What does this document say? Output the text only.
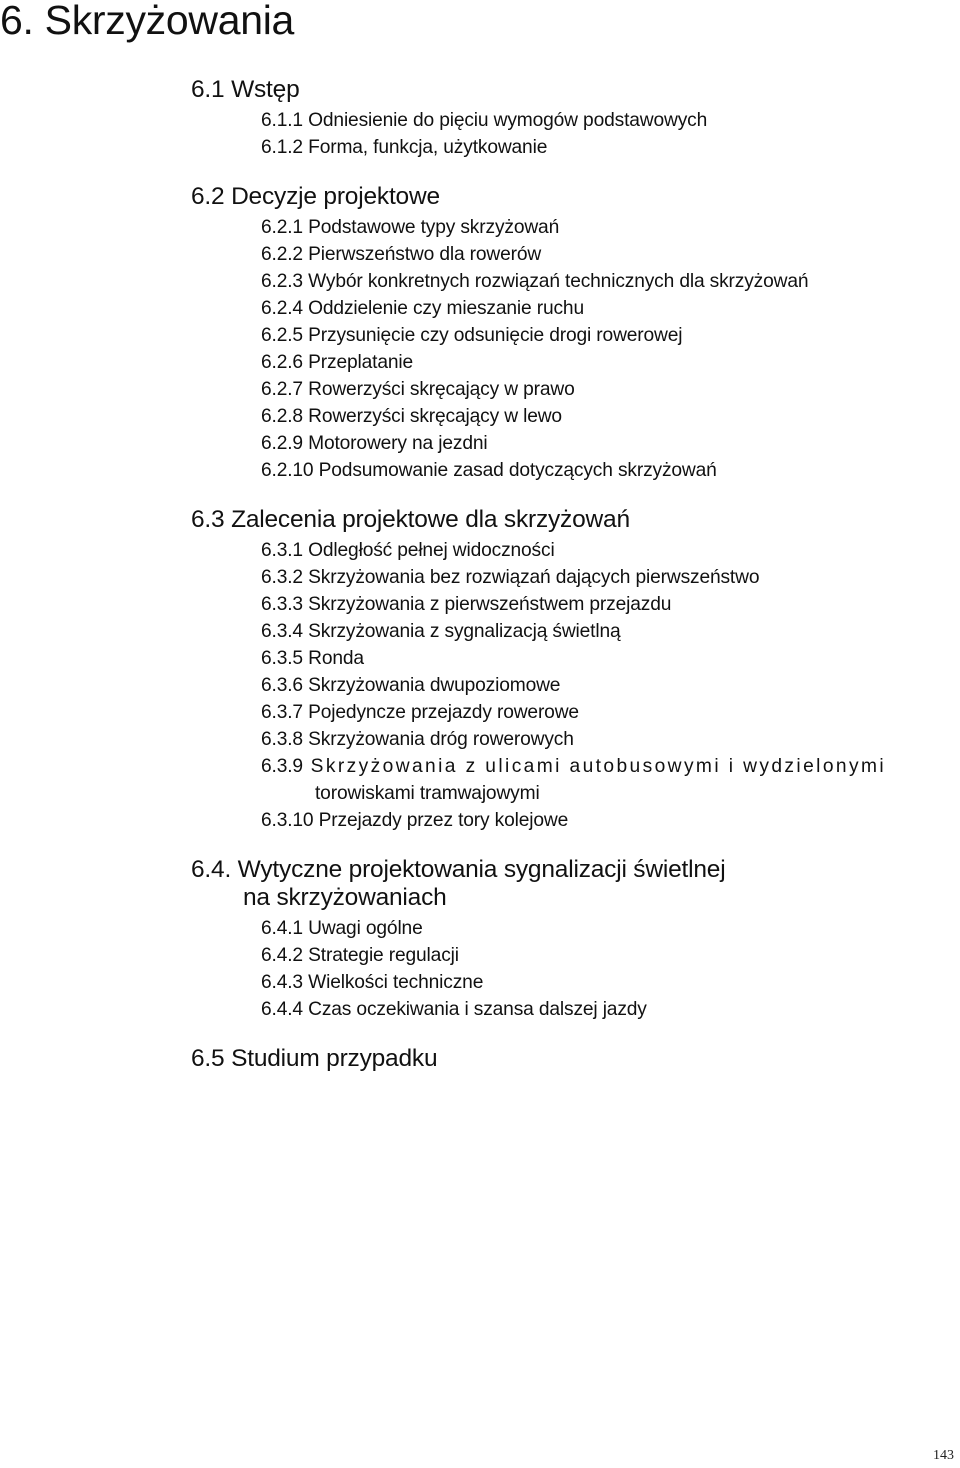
6. Skrzyżowania
6.1 Wstęp
6.1.1 Odniesienie do pięciu wymogów podstawowych
6.1.2 Forma, funkcja, użytkowanie
6.2 Decyzje projektowe
6.2.1 Podstawowe typy skrzyżowań
6.2.2 Pierwszeństwo dla rowerów
6.2.3 Wybór konkretnych rozwiązań technicznych dla skrzyżowań
6.2.4 Oddzielenie czy mieszanie ruchu
6.2.5 Przysunięcie czy odsunięcie drogi rowerowej
6.2.6 Przeplatanie
6.2.7 Rowerzyści skręcający w prawo
6.2.8 Rowerzyści skręcający w lewo
6.2.9 Motorowery na jezdni
6.2.10 Podsumowanie zasad dotyczących skrzyżowań
6.3 Zalecenia projektowe dla skrzyżowań
6.3.1 Odległość pełnej widoczności
6.3.2 Skrzyżowania bez rozwiązań dających pierwszeństwo
6.3.3 Skrzyżowania z pierwszeństwem przejazdu
6.3.4 Skrzyżowania z sygnalizacją świetlną
6.3.5 Ronda
6.3.6 Skrzyżowania dwupoziomowe
6.3.7 Pojedyncze przejazdy rowerowe
6.3.8 Skrzyżowania dróg rowerowych
6.3.9 Skrzyżowania z ulicami autobusowymi i wydzielonymi torowiskami tramwajowymi
6.3.10 Przejazdy przez tory kolejowe
6.4. Wytyczne projektowania sygnalizacji świetlnej
na skrzyżowaniach
6.4.1 Uwagi ogólne
6.4.2 Strategie regulacji
6.4.3 Wielkości techniczne
6.4.4 Czas oczekiwania i szansa dalszej jazdy
6.5 Studium przypadku
143
